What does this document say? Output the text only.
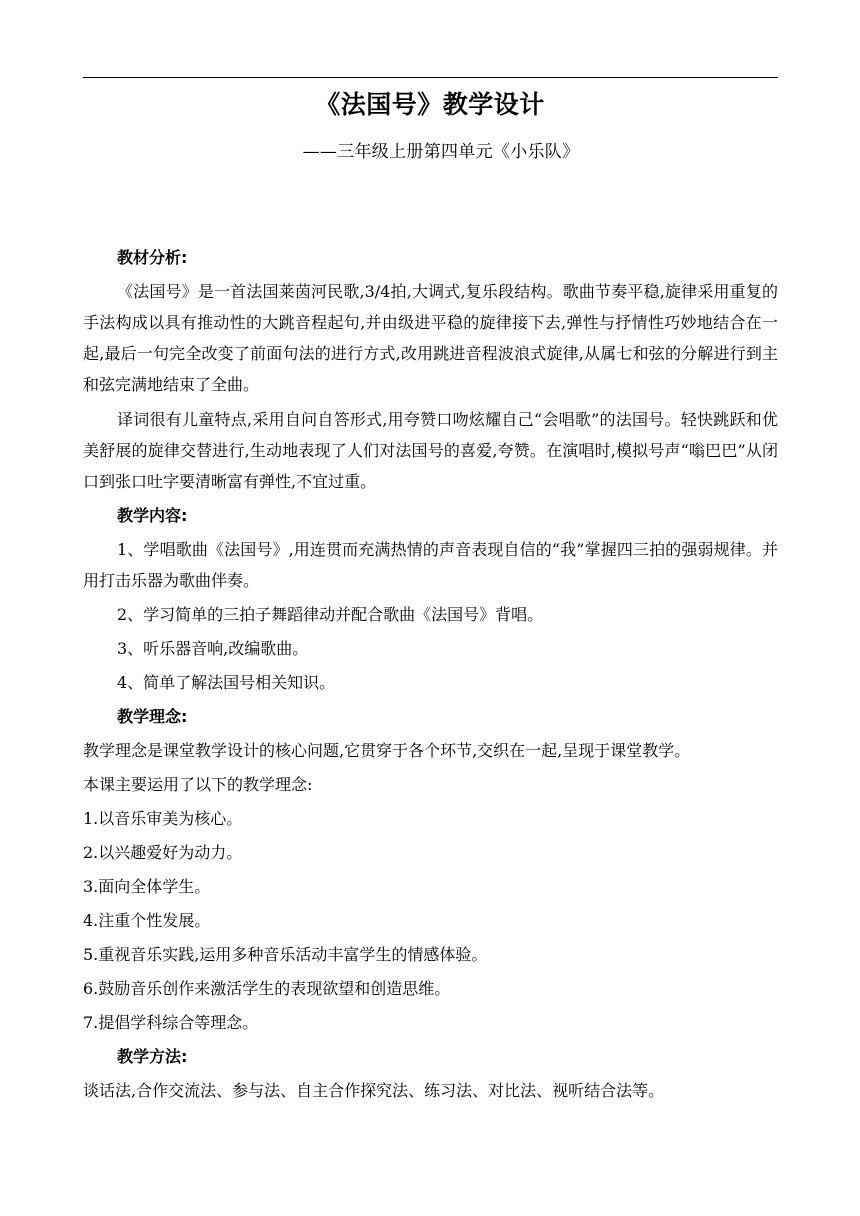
《法国号》教学设计
——三年级上册第四单元《小乐队》

教材分析:

《法国号》是一首法国莱茵河民歌,3/4拍,大调式,复乐段结构。歌曲节奏平稳,旋律采用重复的手法构成以具有推动性的大跳音程起句,并由级进平稳的旋律接下去,弹性与抒情性巧妙地结合在一起,最后一句完全改变了前面句法的进行方式,改用跳进音程波浪式旋律,从属七和弦的分解进行到主和弦完满地结束了全曲。

译词很有儿童特点,采用自问自答形式,用夸赞口吻炫耀自己“会唱歌”的法国号。轻快跳跃和优美舒展的旋律交替进行,生动地表现了人们对法国号的喜爱,夸赞。在演唱时,模拟号声“嗡巴巴”从闭口到张口吐字要清晰富有弹性,不宜过重。

教学内容:

1、学唱歌曲《法国号》,用连贯而充满热情的声音表现自信的“我”掌握四三拍的强弱规律。并用打击乐器为歌曲伴奏。

2、学习简单的三拍子舞蹈律动并配合歌曲《法国号》背唱。

3、听乐器音响,改编歌曲。

4、简单了解法国号相关知识。

教学理念:

教学理念是课堂教学设计的核心问题,它贯穿于各个环节,交织在一起,呈现于课堂教学。

本课主要运用了以下的教学理念:

1.以音乐审美为核心。

2.以兴趣爱好为动力。

3.面向全体学生。

4.注重个性发展。

5.重视音乐实践,运用多种音乐活动丰富学生的情感体验。

6.鼓励音乐创作来激活学生的表现欲望和创造思维。

7.提倡学科综合等理念。

教学方法:

谈话法,合作交流法、参与法、自主合作探究法、练习法、对比法、视听结合法等。
